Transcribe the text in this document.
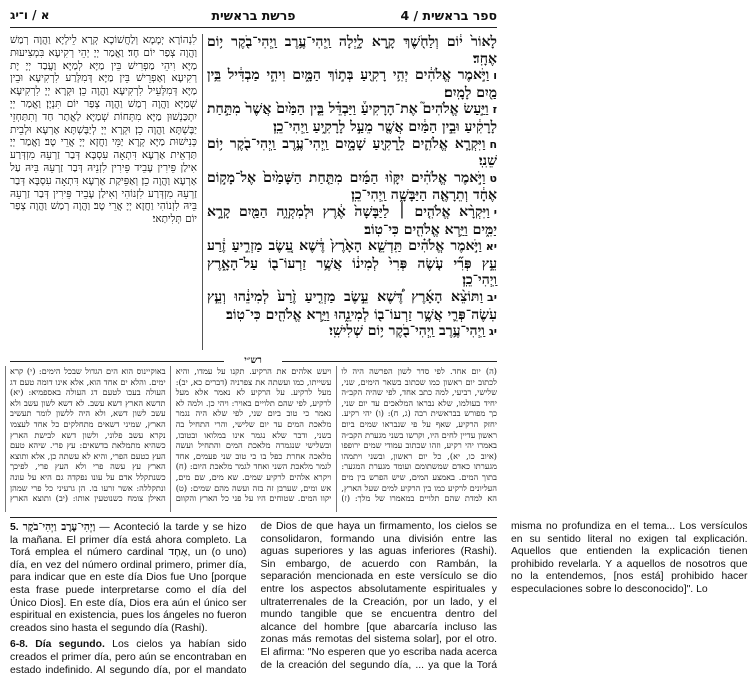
ספר בראשית / 4
פרשת בראשית
א / ו־יג
לָאוֹר֙ י֔וֹם וְלַחֹ֖שֶׁךְ קָ֣רָא לָ֑יְלָה וַֽיְהִי־עֶ֥רֶב וַֽיְהִי־בֹ֖קֶר י֥וֹם אֶחָֽד׃
ווַיֹּ֣אמֶר אֱלֹהִ֔ים יְהִ֥י רָקִ֖יעַ בְּת֣וֹךְ הַמָּ֑יִם וִיהִ֣י מַבְדִּ֔יל בֵּ֥ין מַ֖יִם לָמָֽיִם׃
זוַיַּ֣עַשׂ אֱלֹהִים֮ אֶת־הָרָקִיעַ֒ וַיַּבְדֵּ֗ל בֵּ֤ין הַמַּ֙יִם֙ אֲשֶׁר֙ מִתַּ֣חַת לָרָקִ֔יעַ וּבֵ֣ין הַמַּ֔יִם אֲשֶׁ֖ר מֵעַ֣ל לָרָקִ֑יעַ וַֽיְהִי־כֵֽן׃
חוַיִּקְרָ֧א אֱלֹהִ֛ים לָֽרָקִ֖יעַ שָׁמָ֑יִם וַֽיְהִי־עֶ֥רֶב וַֽיְהִי־בֹ֖קֶר י֥וֹם שֵׁנִֽי׃
טוַיֹּ֣אמֶר אֱלֹהִ֗ים יִקָּו֨וּ הַמַּ֜יִם מִתַּ֤חַת הַשָּׁמַ֙יִם֙ אֶל־מָק֣וֹם אֶחָ֔ד וְתֵרָאֶ֖ה הַיַּבָּשָׁ֑ה וַֽיְהִי־כֵֽן׃
יוַיִּקְרָ֨א אֱלֹהִ֤ים ׀ לַיַּבָּשָׁה֙ אֶ֔רֶץ וּלְמִקְוֵ֥ה הַמַּ֖יִם קָרָ֣א יַמִּ֑ים וַיַּ֥רְא אֱלֹהִ֖ים כִּי־טֽוֹב׃
יאוַיֹּ֣אמֶר אֱלֹהִ֗ים תַּֽדְשֵׁ֤א הָאָ֙רֶץ֙ דֶּ֔שֶׁא עֵ֚שֶׂב מַזְרִ֣יעַ זֶ֔רַע עֵ֣ץ פְּרִ֞י עֹ֤שֶׂה פְּרִי֙ לְמִינ֔וֹ אֲשֶׁ֥ר זַרְעוֹ־ב֖וֹ עַל־הָאָ֑רֶץ וַֽיְהִי־כֵֽן׃
יבוַתּוֹצֵ֨א הָאָ֜רֶץ דֶּ֠שֶׁא עֵ֣שֶׂב מַזְרִ֤יעַ זֶ֙רַע֙ לְמִינֵ֔הוּ וְעֵ֧ץ עֹֽשֶׂה־פְּרִ֛י אֲשֶׁ֥ר זַרְעוֹ־ב֖וֹ לְמִינֵ֑הוּ וַיַּ֥רְא אֱלֹהִ֖ים כִּי־טֽוֹב׃
יגוַֽיְהִי־עֶ֥רֶב וַֽיְהִי־בֹ֖קֶר י֥וֹם שְׁלִישִֽׁי׃
לִנְהוֹרָא יְמָמָא וְלַחֲשׁוֹכָא קְרָא לֵילְיָא וַהֲוָה רְמַשׁ וַהֲוָה צְפַר יוֹם חָד׃ וַאֲמַר יְיָ יְהֵי רְקִיעָא בִּמְצִיעוּת מַיָּא וִיהֵי מַפְרִישׁ בֵּין מַיָּא לְמַיָּא׃ וַעֲבַד יְיָ יָת רְקִיעָא וְאַפְרֵישׁ בֵּין מַיָּא דְּמִלְּרַע לִרְקִיעָא וּבֵין מַיָּא דְּמִלְּעֵיל לִרְקִיעָא וַהֲוָה כֵן׃ וּקְרָא יְיָ לִרְקִיעָא שְׁמַיָּא וַהֲוָה רְמַשׁ וַהֲוָה צְפַר יוֹם תִּנְיָן׃ וַאֲמַר יְיָ יִתְכַּנְשׁוּן מַיָּא מִתְּחוֹת שְׁמַיָּא לַאֲתַר חַד וְתִתַּחְזֵי יַבֶּשְׁתָּא וַהֲוָה כֵן׃ וּקְרָא יְיָ לְיַבֶּשְׁתָּא אַרְעָא וּלְבֵית כְּנִישׁוּת מַיָּא קְרָא יַמֵּי וַחֲזָא יְיָ אֲרֵי טָב׃ וַאֲמַר יְיָ תַּדְאֵית אַרְעָא דִּתְאָה עִסְבָּא דְּבַר זַרְעֵהּ מִזְדְּרַע אִילַן פֵּירִין עָבֵיד פֵּירִין לִזְנֵיהּ דְּבַר זַרְעֵהּ בֵּיהּ עַל אַרְעָא וַהֲוָה כֵן׃ וְאַפֵּיקַת אַרְעָא דִּתְאָה עִסְבָּא דְּבַר זַרְעֵהּ מִזְדְּרַע לִזְנוֹהִי וְאִילַן עָבֵיד פֵּירִין דְּבַר זַרְעֵהּ בֵּיהּ לִזְנוֹהִי וַחֲזָא יְיָ אֲרֵי טָב׃ וַהֲוָה רְמַשׁ וַהֲוָה צְפַר יוֹם תְּלִיתַאי׃
רש״י
(ה) יום אחד. לפי סדר לשון הפרשה היה לו לכתוב יום ראשון כמו שכתוב בשאר הימים, שני, שלישי, רביעי, למה כתב אחד, לפי שהיה הקב״ה יחיד בעולמו, שלא נבראו המלאכים עד יום שני, כך מפורש בבראשית רבה (ג, ח): (ו) יהי רקיע. יחזק הרקיע, שאף על פי שנבראו שמים ביום ראשון עדיין לחים היו, וקרשו בשני מגערת הקב״ה באמרו יהי רקיע, וזהו שכתוב עמודי שמים ירופפו (איוב כו, יא), כל יום ראשון, ובשני ויתמהו מגערתו כאדם שמשתומם ועומד מגערת המגער: בתוך המים. באמצע המים, שיש הפרש בין מים העליונים לרקיע כמו בין הרקיע למים שעל הארץ, הא למדת שהם תלויים במאמרו של מלך: (ז) ויעש אלהים את הרקיע. תקנו על עמדו, והיא עשייתו, כמו ועשתה את צפרניה (דברים כא, יב): מעל לרקיע. על הרקיע לא נאמר אלא מעל לרקיע, לפי שהם תלויים באויר: ויהי כן. ולמה לא נאמר כי טוב ביום שני, לפי שלא היה נגמר מלאכת המים עד יום שלישי, והרי התחיל בה בשני, ודבר שלא נגמר אינו במלואו ובטובו, ובשלישי שנגמרה מלאכת המים והתחיל ועשה מלאכה אחרת כפל בו כי טוב שני פעמים, אחד לגמר מלאכת השני ואחד לגמר מלאכת היום: (ח) ויקרא אלהים לרקיע שמים. שא מים, שם מים, אש ומים, שערבן זה בזה ועשה מהם שמים: (ט) יקוו המים. שטוחים היו על פני כל הארץ והקוום באוקיינוס הוא הים הגדול שבכל הימים: (י) קרא ימים. והלא ים אחד הוא, אלא אינו דומה טעם דג העולה בעכו לטעם דג העולה באספמיא: (יא) תדשא הארץ דשא עשב. לא דשא לשון עשב ולא עשב לשון דשא, ולא היה ללשון לומר תעשיב הארץ, שמיני דשאים מתחלקים כל אחד לעצמו נקרא עשב פלוני, ולשון דשא לבישת הארץ כשהיא מתמלאת בדשאים: עץ פרי. שיהא טעם העץ כטעם הפרי, והיא לא עשתה כן, אלא ותוצא הארץ עץ עשה פרי ולא העץ פרי, לפיכך כשנתקלל אדם על עונו נפקדה גם היא על עונה ונתקללה: אשר זרעו בו. הן גרעיני כל פרי שמהן האילן צומח כשנוטעין אותו: (יב) ותוצא הארץ

5. וַיְהִי־עֶרֶב וַיְהִי־בֹקֶר — Aconteció la tarde y se hizo la mañana. El primer día está ahora completo. La Torá emplea el número cardinal אֶחָד, un (o uno) día, en vez del número ordinal primero, primer día, para indicar que en este día Dios fue Uno [porque esta frase puede interpretarse como el día del Único Dios]. En este día, Dios era aún el único ser espiritual en existencia, pues los ángeles no fueron creados sino hasta el segundo día (Rashi).

6-8. Día segundo. Los cielos ya habían sido creados el primer día, pero aún se encontraban en estado indefinido. Al segundo día, por el mandato de Dios de que haya un firmamento, los cielos se consolidaron, formando una división entre las aguas superiores y las aguas inferiores (Rashi). Sin embargo, de acuerdo con Rambán, la separación mencionada en este versículo se dio entre los aspectos absolutamente espirituales y ultraterrenales de la Creación, por un lado, y el mundo tangible que se encuentra dentro del alcance del hombre [que abarcaría incluso las zonas más remotas del sistema solar], por el otro. El afirma: "No esperen que yo escriba nada acerca de la creación del segundo día, ... ya que la Torá misma no profundiza en el tema... Los versículos en su sentido literal no exigen tal explicación. Aquellos que entienden la explicación tienen prohibido revelarla. Y a aquellos de nosotros que no la entendemos, [nos está] prohibido hacer especulaciones sobre lo desconocido]". Lo
